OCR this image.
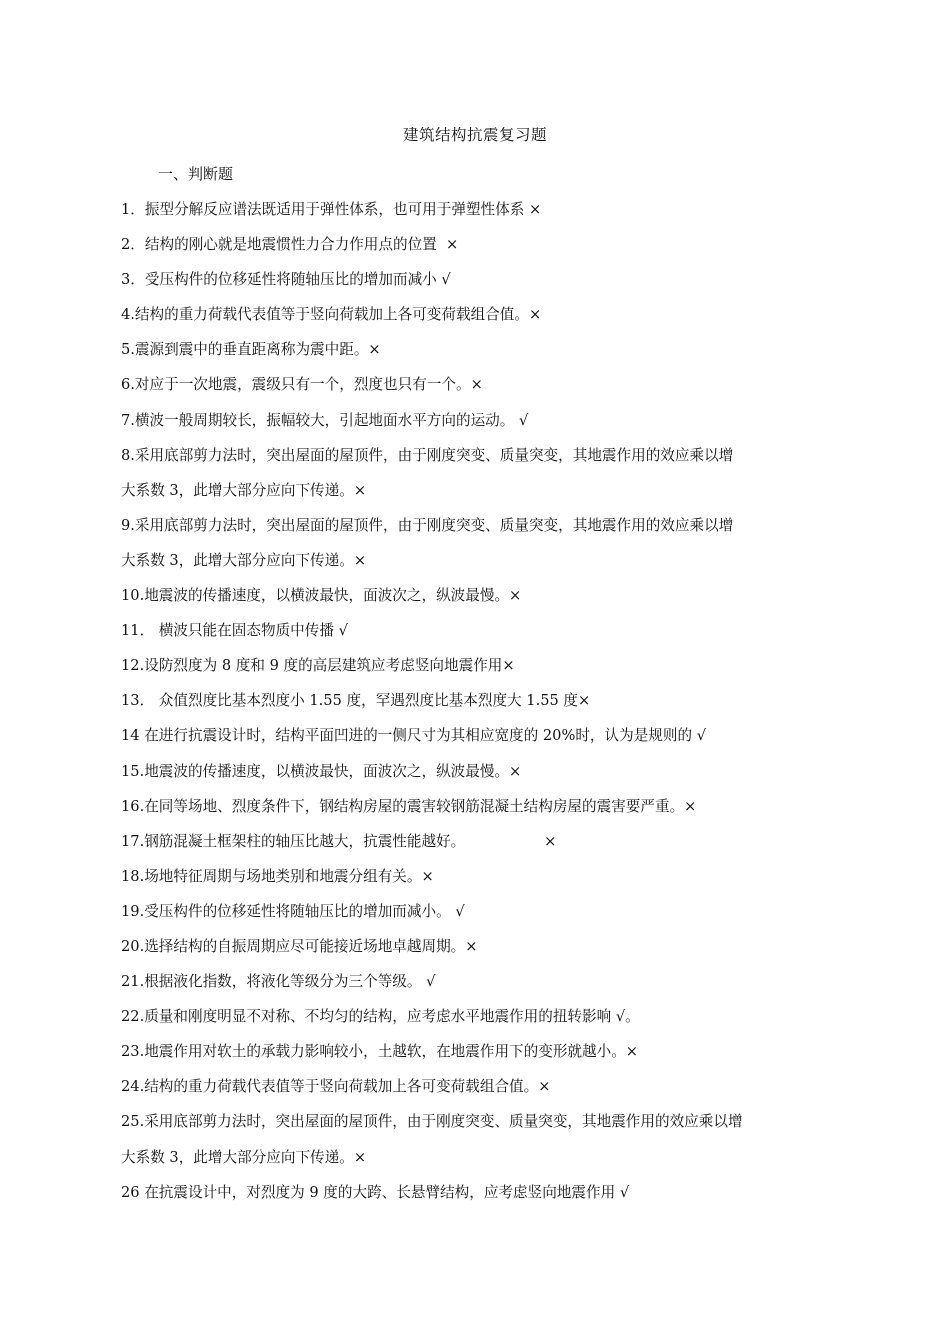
建筑结构抗震复习题
一、判断题
1．振型分解反应谱法既适用于弹性体系，也可用于弹塑性体系 ×
2．结构的刚心就是地震惯性力合力作用点的位置  ×
3．受压构件的位移延性将随轴压比的增加而减小 √
4.结构的重力荷载代表值等于竖向荷载加上各可变荷载组合值。×
5.震源到震中的垂直距离称为震中距。×
6.对应于一次地震，震级只有一个，烈度也只有一个。×
7.横波一般周期较长，振幅较大，引起地面水平方向的运动。 √
8.采用底部剪力法时，突出屋面的屋顶件，由于刚度突变、质量突变，其地震作用的效应乘以增
大系数 3，此增大部分应向下传递。×
9.采用底部剪力法时，突出屋面的屋顶件，由于刚度突变、质量突变，其地震作用的效应乘以增
大系数 3，此增大部分应向下传递。×
10.地震波的传播速度，以横波最快，面波次之，纵波最慢。×
11． 横波只能在固态物质中传播 √
12.设防烈度为 8 度和 9 度的高层建筑应考虑竖向地震作用×
13． 众值烈度比基本烈度小 1.55 度，罕遇烈度比基本烈度大 1.55 度×
14 在进行抗震设计时，结构平面凹进的一侧尺寸为其相应宽度的 20%时，认为是规则的 √
15.地震波的传播速度，以横波最快，面波次之，纵波最慢。×
16.在同等场地、烈度条件下，钢结构房屋的震害较钢筋混凝土结构房屋的震害要严重。×
17.钢筋混凝土框架柱的轴压比越大，抗震性能越好。                 ×
18.场地特征周期与场地类别和地震分组有关。×
19.受压构件的位移延性将随轴压比的增加而减小。 √
20.选择结构的自振周期应尽可能接近场地卓越周期。×
21.根据液化指数，将液化等级分为三个等级。 √
22.质量和刚度明显不对称、不均匀的结构，应考虑水平地震作用的扭转影响 √。
23.地震作用对软土的承载力影响较小，土越软，在地震作用下的变形就越小。×
24.结构的重力荷载代表值等于竖向荷载加上各可变荷载组合值。×
25.采用底部剪力法时，突出屋面的屋顶件，由于刚度突变、质量突变，其地震作用的效应乘以增
大系数 3，此增大部分应向下传递。×
26 在抗震设计中，对烈度为 9 度的大跨、长悬臂结构，应考虑竖向地震作用 √
